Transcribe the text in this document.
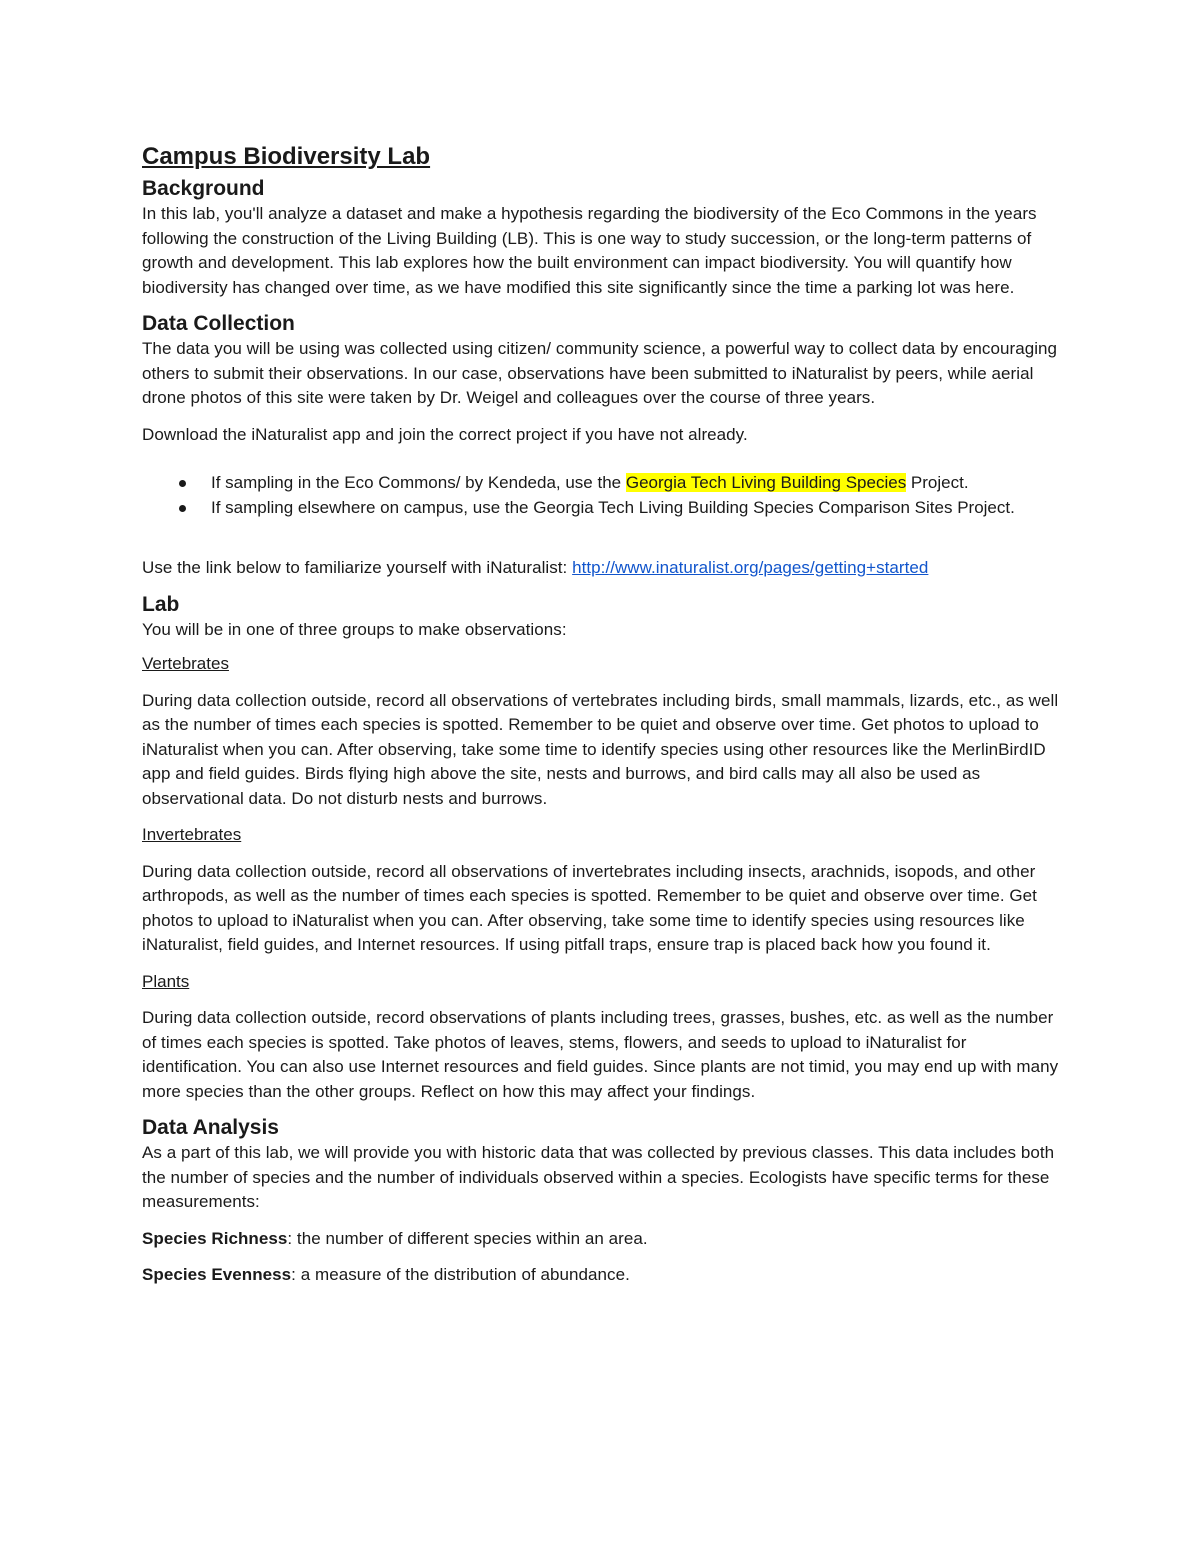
Campus Biodiversity Lab
Background

In this lab, you'll analyze a dataset and make a hypothesis regarding the biodiversity of the Eco Commons in the years following the construction of the Living Building (LB). This is one way to study succession, or the long-term patterns of growth and development. This lab explores how the built environment can impact biodiversity. You will quantify how biodiversity has changed over time, as we have modified this site significantly since the time a parking lot was here.

Data Collection

The data you will be using was collected using citizen/ community science, a powerful way to collect data by encouraging others to submit their observations. In our case, observations have been submitted to iNaturalist by peers, while aerial drone photos of this site were taken by Dr. Weigel and colleagues over the course of three years.

Download the iNaturalist app and join the correct project if you have not already.

If sampling in the Eco Commons/ by Kendeda, use the Georgia Tech Living Building Species Project.
If sampling elsewhere on campus, use the Georgia Tech Living Building Species Comparison Sites Project.

Use the link below to familiarize yourself with iNaturalist: http://www.inaturalist.org/pages/getting+started

Lab

You will be in one of three groups to make observations:

Vertebrates

During data collection outside, record all observations of vertebrates including birds, small mammals, lizards, etc., as well as the number of times each species is spotted. Remember to be quiet and observe over time. Get photos to upload to iNaturalist when you can. After observing, take some time to identify species using other resources like the MerlinBirdID app and field guides. Birds flying high above the site, nests and burrows, and bird calls may all also be used as observational data. Do not disturb nests and burrows.

Invertebrates

During data collection outside, record all observations of invertebrates including insects, arachnids, isopods, and other arthropods, as well as the number of times each species is spotted. Remember to be quiet and observe over time. Get photos to upload to iNaturalist when you can. After observing, take some time to identify species using resources like iNaturalist, field guides, and Internet resources. If using pitfall traps, ensure trap is placed back how you found it.

Plants

During data collection outside, record observations of plants including trees, grasses, bushes, etc. as well as the number of times each species is spotted. Take photos of leaves, stems, flowers, and seeds to upload to iNaturalist for identification. You can also use Internet resources and field guides. Since plants are not timid, you may end up with many more species than the other groups. Reflect on how this may affect your findings.

Data Analysis

As a part of this lab, we will provide you with historic data that was collected by previous classes. This data includes both the number of species and the number of individuals observed within a species. Ecologists have specific terms for these measurements:

Species Richness: the number of different species within an area.

Species Evenness: a measure of the distribution of abundance.
